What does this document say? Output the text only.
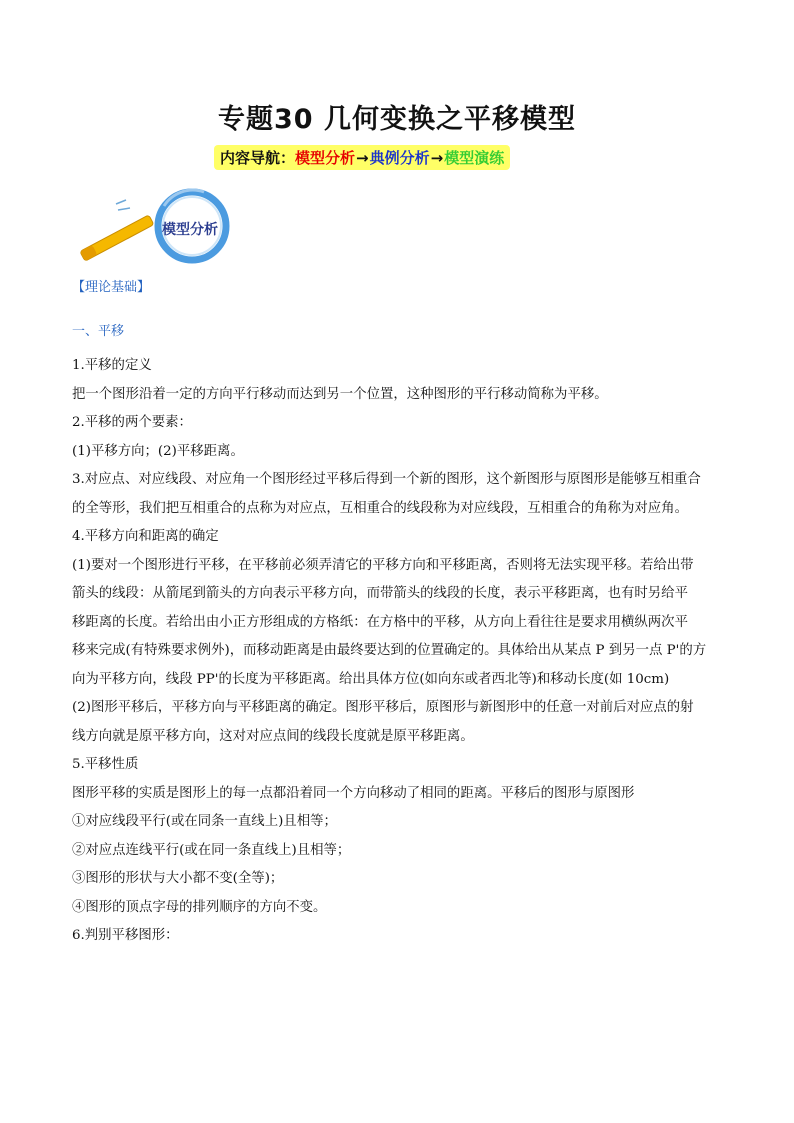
专题30 几何变换之平移模型
内容导航： 模型分析 → 典例分析 → 模型演练
模型分析
【理论基础】
一、平移

1.平移的定义

把一个图形沿着一定的方向平行移动而达到另一个位置，这种图形的平行移动简称为平移。

2.平移的两个要素：

(1)平移方向；(2)平移距离。

3.对应点、对应线段、对应角一个图形经过平移后得到一个新的图形，这个新图形与原图形是能够互相重合

的全等形，我们把互相重合的点称为对应点，互相重合的线段称为对应线段，互相重合的角称为对应角。

4.平移方向和距离的确定

(1)要对一个图形进行平移，在平移前必须弄清它的平移方向和平移距离，否则将无法实现平移。若给出带

箭头的线段：从箭尾到箭头的方向表示平移方向，而带箭头的线段的长度，表示平移距离，也有时另给平

移距离的长度。若给出由小正方形组成的方格纸：在方格中的平移，从方向上看往往是要求用横纵两次平

移来完成(有特殊要求例外)，而移动距离是由最终要达到的位置确定的。具体给出从某点 P 到另一点 P'的方

向为平移方向，线段 PP'的长度为平移距离。给出具体方位(如向东或者西北等)和移动长度(如 10cm)

(2)图形平移后，平移方向与平移距离的确定。图形平移后，原图形与新图形中的任意一对前后对应点的射

线方向就是原平移方向，这对对应点间的线段长度就是原平移距离。

5.平移性质

图形平移的实质是图形上的每一点都沿着同一个方向移动了相同的距离。平移后的图形与原图形

①对应线段平行(或在同条一直线上)且相等；

②对应点连线平行(或在同一条直线上)且相等；

③图形的形状与大小都不变(全等)；

④图形的顶点字母的排列顺序的方向不变。

6.判别平移图形：
